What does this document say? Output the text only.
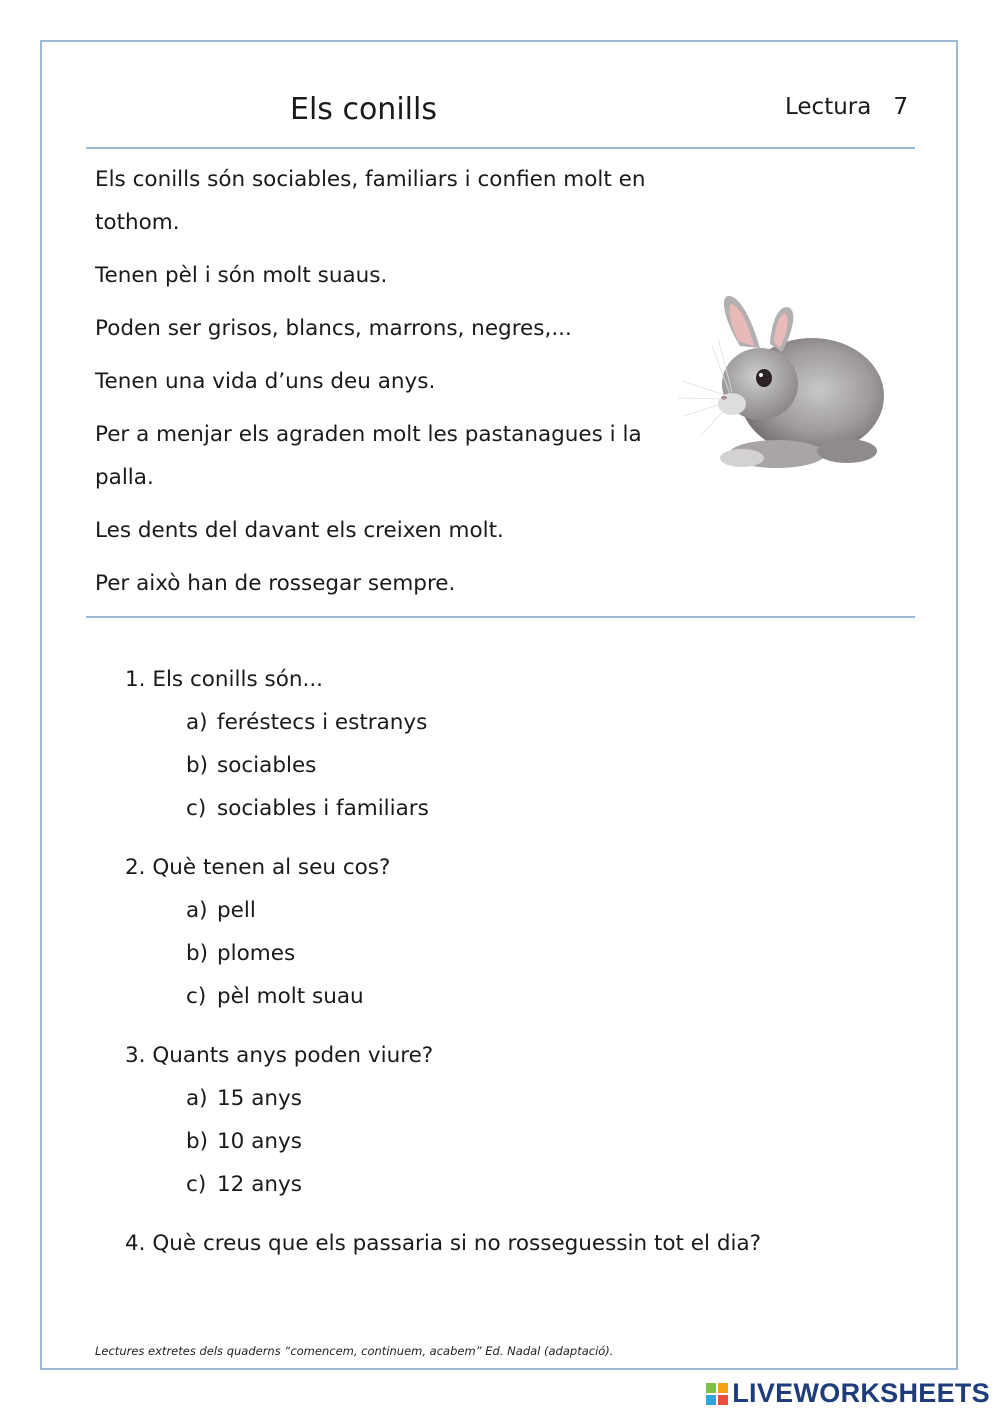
Els conills	Lectura 7

Els conills són sociables, familiars i confien molt en tothom.

Tenen pèl i són molt suaus.

Poden ser grisos, blancs, marrons, negres,...

Tenen una vida d’uns deu anys.

Per a menjar els agraden molt les pastanagues i la palla.

Les dents del davant els creixen molt.

Per això han de rossegar sempre.

1. Els conills són...
a) feréstecs i estranys
b) sociables
c) sociables i familiars
2. Què tenen al seu cos?
a) pell
b) plomes
c) pèl molt suau
3. Quants anys poden viure?
a) 15 anys
b) 10 anys
c) 12 anys
4. Què creus que els passaria si no rosseguessin tot el dia?
Lectures extretes dels quaderns “comencem, continuem, acabem” Ed. Nadal (adaptació).
LIVEWORKSHEETS
